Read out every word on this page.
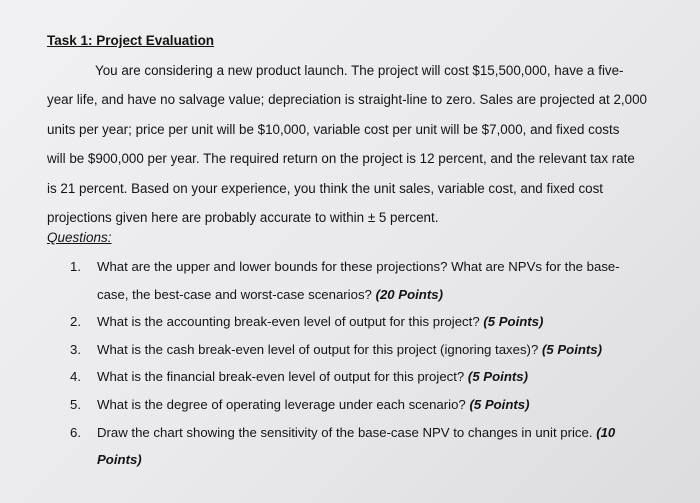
Task 1: Project Evaluation

You are considering a new product launch. The project will cost $15,500,000, have a five-

year life, and have no salvage value; depreciation is straight-line to zero. Sales are projected at 2,000

units per year; price per unit will be $10,000, variable cost per unit will be $7,000, and fixed costs

will be $900,000 per year. The required return on the project is 12 percent, and the relevant tax rate

is 21 percent. Based on your experience, you think the unit sales, variable cost, and fixed cost

projections given here are probably accurate to within ± 5 percent.

Questions:
1.	What are the upper and lower bounds for these projections? What are NPVs for the base-
case, the best-case and worst-case scenarios? (20 Points)
2.	What is the accounting break-even level of output for this project? (5 Points)
3.	What is the cash break-even level of output for this project (ignoring taxes)? (5 Points)
4.	What is the financial break-even level of output for this project? (5 Points)
5.	What is the degree of operating leverage under each scenario? (5 Points)
6.	Draw the chart showing the sensitivity of the base-case NPV to changes in unit price. (10
Points)
